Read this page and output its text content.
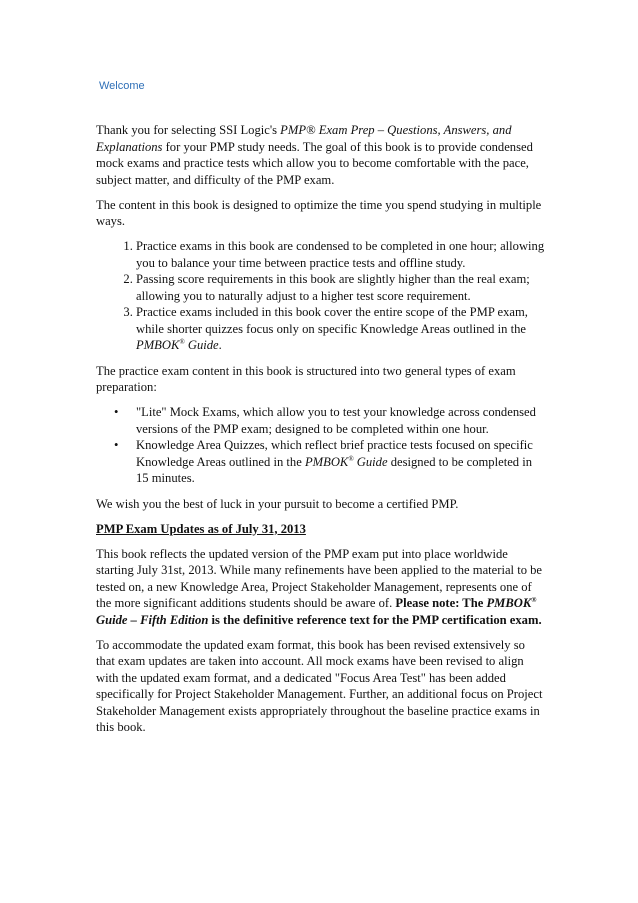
Welcome

Thank you for selecting SSI Logic's PMP® Exam Prep – Questions, Answers, and Explanations for your PMP study needs. The goal of this book is to provide condensed mock exams and practice tests which allow you to become comfortable with the pace, subject matter, and difficulty of the PMP exam.

The content in this book is designed to optimize the time you spend studying in multiple ways.

1. Practice exams in this book are condensed to be completed in one hour; allowing you to balance your time between practice tests and offline study.
2. Passing score requirements in this book are slightly higher than the real exam; allowing you to naturally adjust to a higher test score requirement.
3. Practice exams included in this book cover the entire scope of the PMP exam, while shorter quizzes focus only on specific Knowledge Areas outlined in the PMBOK® Guide.

The practice exam content in this book is structured into two general types of exam preparation:

• "Lite" Mock Exams, which allow you to test your knowledge across condensed versions of the PMP exam; designed to be completed within one hour.
• Knowledge Area Quizzes, which reflect brief practice tests focused on specific Knowledge Areas outlined in the PMBOK® Guide designed to be completed in 15 minutes.

We wish you the best of luck in your pursuit to become a certified PMP.

PMP Exam Updates as of July 31, 2013

This book reflects the updated version of the PMP exam put into place worldwide starting July 31st, 2013. While many refinements have been applied to the material to be tested on, a new Knowledge Area, Project Stakeholder Management, represents one of the more significant additions students should be aware of. Please note: The PMBOK® Guide – Fifth Edition is the definitive reference text for the PMP certification exam.

To accommodate the updated exam format, this book has been revised extensively so that exam updates are taken into account. All mock exams have been revised to align with the updated exam format, and a dedicated "Focus Area Test" has been added specifically for Project Stakeholder Management. Further, an additional focus on Project Stakeholder Management exists appropriately throughout the baseline practice exams in this book.
